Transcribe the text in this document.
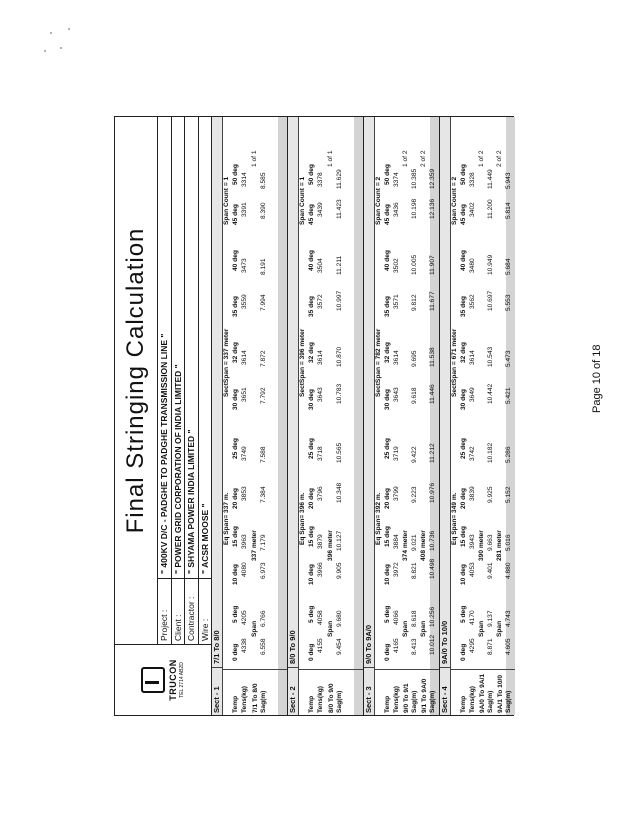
TRUCON TEL 2714 AB2D
Final Stringing Calculation
Project :
" 400KV D/C - PADGHE TO PADGHE TRANSMISSION LINE "
Client :
" POWER GRID CORPORATION OF INDIA LIMITED "
Contractor :
" SHYAMA POWER INDIA LIMITED "
Wire :
" ACSR MOOSE "
Sect - 1
7/1 To 8/0
Eq Span= 337 m.
SectSpan = 337 meter
Span Count = 1
Temp
0 deg
5 deg
10 deg
15 deg
20 deg
25 deg
30 deg
32 deg
35 deg
40 deg
45 deg
50 deg
Tens(kg)
4338
4205
4080
3963
3853
3749
3651
3614
3559
3473
3391
3314
Span
7/1 To 8/0
337 meter
1 of 1
Sag(m)
6.558
6.766
6.973
7.179
7.384
7.588
7.792
7.872
7.994
8.191
8.390
8.585
Sect - 2
8/0 To 9/0
Eq Span= 396 m.
SectSpan = 396 meter
Span Count = 1
Temp
0 deg
5 deg
10 deg
15 deg
20 deg
25 deg
30 deg
32 deg
35 deg
40 deg
45 deg
50 deg
Tens(kg)
4155
4058
3966
3879
3796
3718
3643
3614
3572
3504
3439
3378
Span
8/0 To 9/0
396 meter
1 of 1
Sag(m)
9.454
9.680
9.905
10.127
10.348
10.565
10.783
10.870
10.997
11.211
11.423
11.629
Sect - 3
9/0 To 9A/0
Eq Span= 392 m.
SectSpan = 782 meter
Span Count = 2
Temp
0 deg
5 deg
10 deg
15 deg
20 deg
25 deg
30 deg
32 deg
35 deg
40 deg
45 deg
50 deg
Tens(kg)
4165
4066
3972
3884
3799
3719
3643
3614
3571
3502
3436
3374
Span
9/0 To 9/1
374 meter
1 of 2
Sag(m)
8.413
8.618
8.821
9.021
9.223
9.422
9.618
9.695
9.812
10.005
10.198
10.385
Span
9/1 To 9A/0
408 meter
2 of 2
Sag(m)
10.012
10.256
10.498
10.736
10.976
11.212
11.446
11.538
11.677
11.907
12.136
12.359
Sect - 4
9A/0 To 10/0
Eq Span= 349 m.
SectSpan = 671 meter
Span Count = 2
Temp
0 deg
5 deg
10 deg
15 deg
20 deg
25 deg
30 deg
32 deg
35 deg
40 deg
45 deg
50 deg
Tens(kg)
4295
4170
4053
3943
3839
3742
3649
3614
3562
3480
3402
3328
Span
9A/0 To 9A/1
390 meter
1 of 2
Sag(m)
8.871
9.137
9.401
9.663
9.925
10.182
10.442
10.543
10.697
10.949
11.200
11.449
Span
9A/1 To 10/0
281 meter
2 of 2
Sag(m)
4.605
4.743
4.880
5.016
5.152
5.286
5.421
5.473
5.553
5.684
5.814
5.943
Page 10 of 18
